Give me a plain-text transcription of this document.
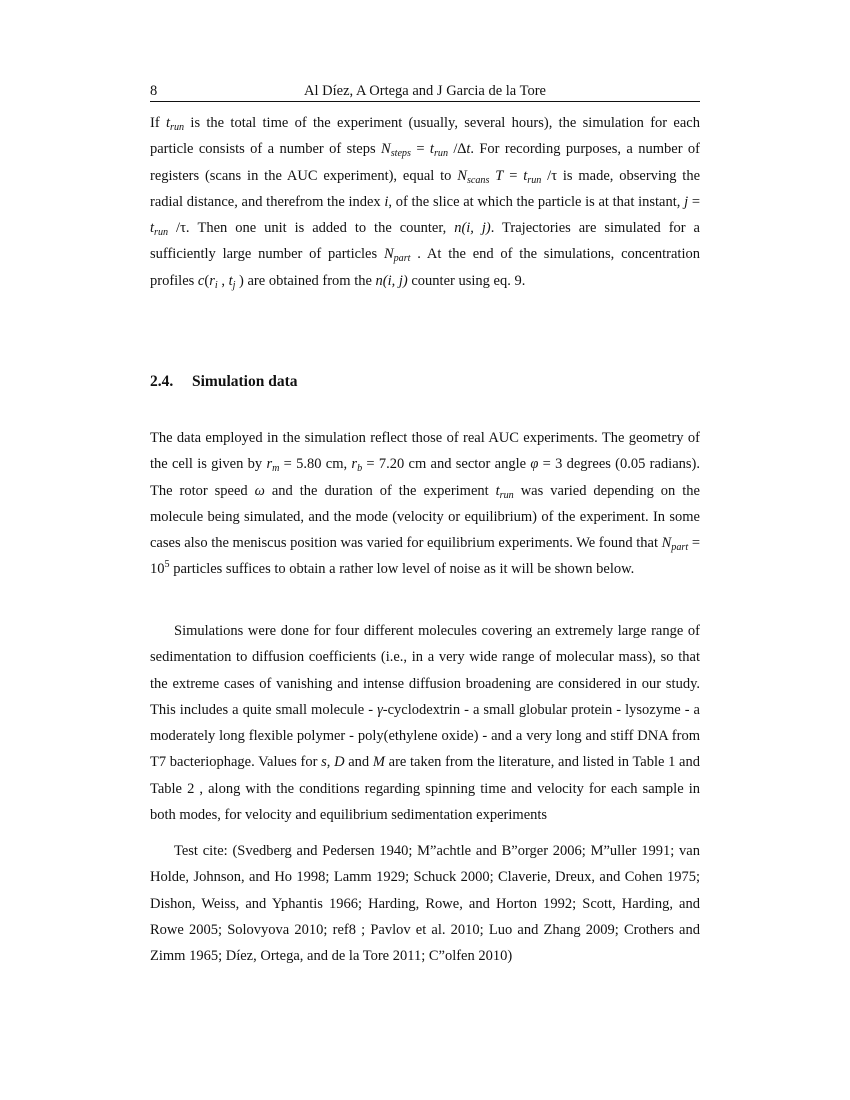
8	Al Díez, A Ortega and J Garcia de la Tore
If $t_{run}$ is the total time of the experiment (usually, several hours), the simulation for each particle consists of a number of steps $N_{steps} = t_{run}$ /∆t. For recording purposes, a number of registers (scans in the AUC experiment), equal to $N_{scans}$ $T = t_{run}$ /τ is made, observing the radial distance, and therefrom the index i, of the slice at which the particle is at that instant, $j = t_{run}$ /τ. Then one unit is added to the counter, n(i, j). Trajectories are simulated for a sufficiently large number of particles $N_{part}$ . At the end of the simulations, concentration profiles $c(r_i$ , $t_j$ ) are obtained from the n(i, j) counter using eq. 9.
2.4. Simulation data
The data employed in the simulation reflect those of real AUC experiments. The geometry of the cell is given by $r_m = 5.80$ cm, $r_b = 7.20$ cm and sector angle φ = 3 degrees (0.05 radians). The rotor speed ω and the duration of the experiment $t_{run}$ was varied depending on the molecule being simulated, and the mode (velocity or equilibrium) of the experiment. In some cases also the meniscus position was varied for equilibrium experiments. We found that $N_{part} = 10^5$ particles suffices to obtain a rather low level of noise as it will be shown below.
Simulations were done for four different molecules covering an extremely large range of sedimentation to diffusion coefficients (i.e., in a very wide range of molecular mass), so that the extreme cases of vanishing and intense diffusion broadening are considered in our study. This includes a quite small molecule - γ-cyclodextrin - a small globular protein - lysozyme - a moderately long flexible polymer - poly(ethylene oxide) - and a very long and stiff DNA from T7 bacteriophage. Values for s, D and M are taken from the literature, and listed in Table 1 and Table 2 , along with the conditions regarding spinning time and velocity for each sample in both modes, for velocity and equilibrium sedimentation experiments
Test cite: (Svedberg and Pedersen 1940; M”achtle and B”orger 2006; M”uller 1991; van Holde, Johnson, and Ho 1998; Lamm 1929; Schuck 2000; Claverie, Dreux, and Cohen 1975; Dishon, Weiss, and Yphantis 1966; Harding, Rowe, and Horton 1992; Scott, Harding, and Rowe 2005; Solovyova 2010; ref8 ; Pavlov et al. 2010; Luo and Zhang 2009; Crothers and Zimm 1965; Díez, Ortega, and de la Tore 2011; C”olfen 2010)
